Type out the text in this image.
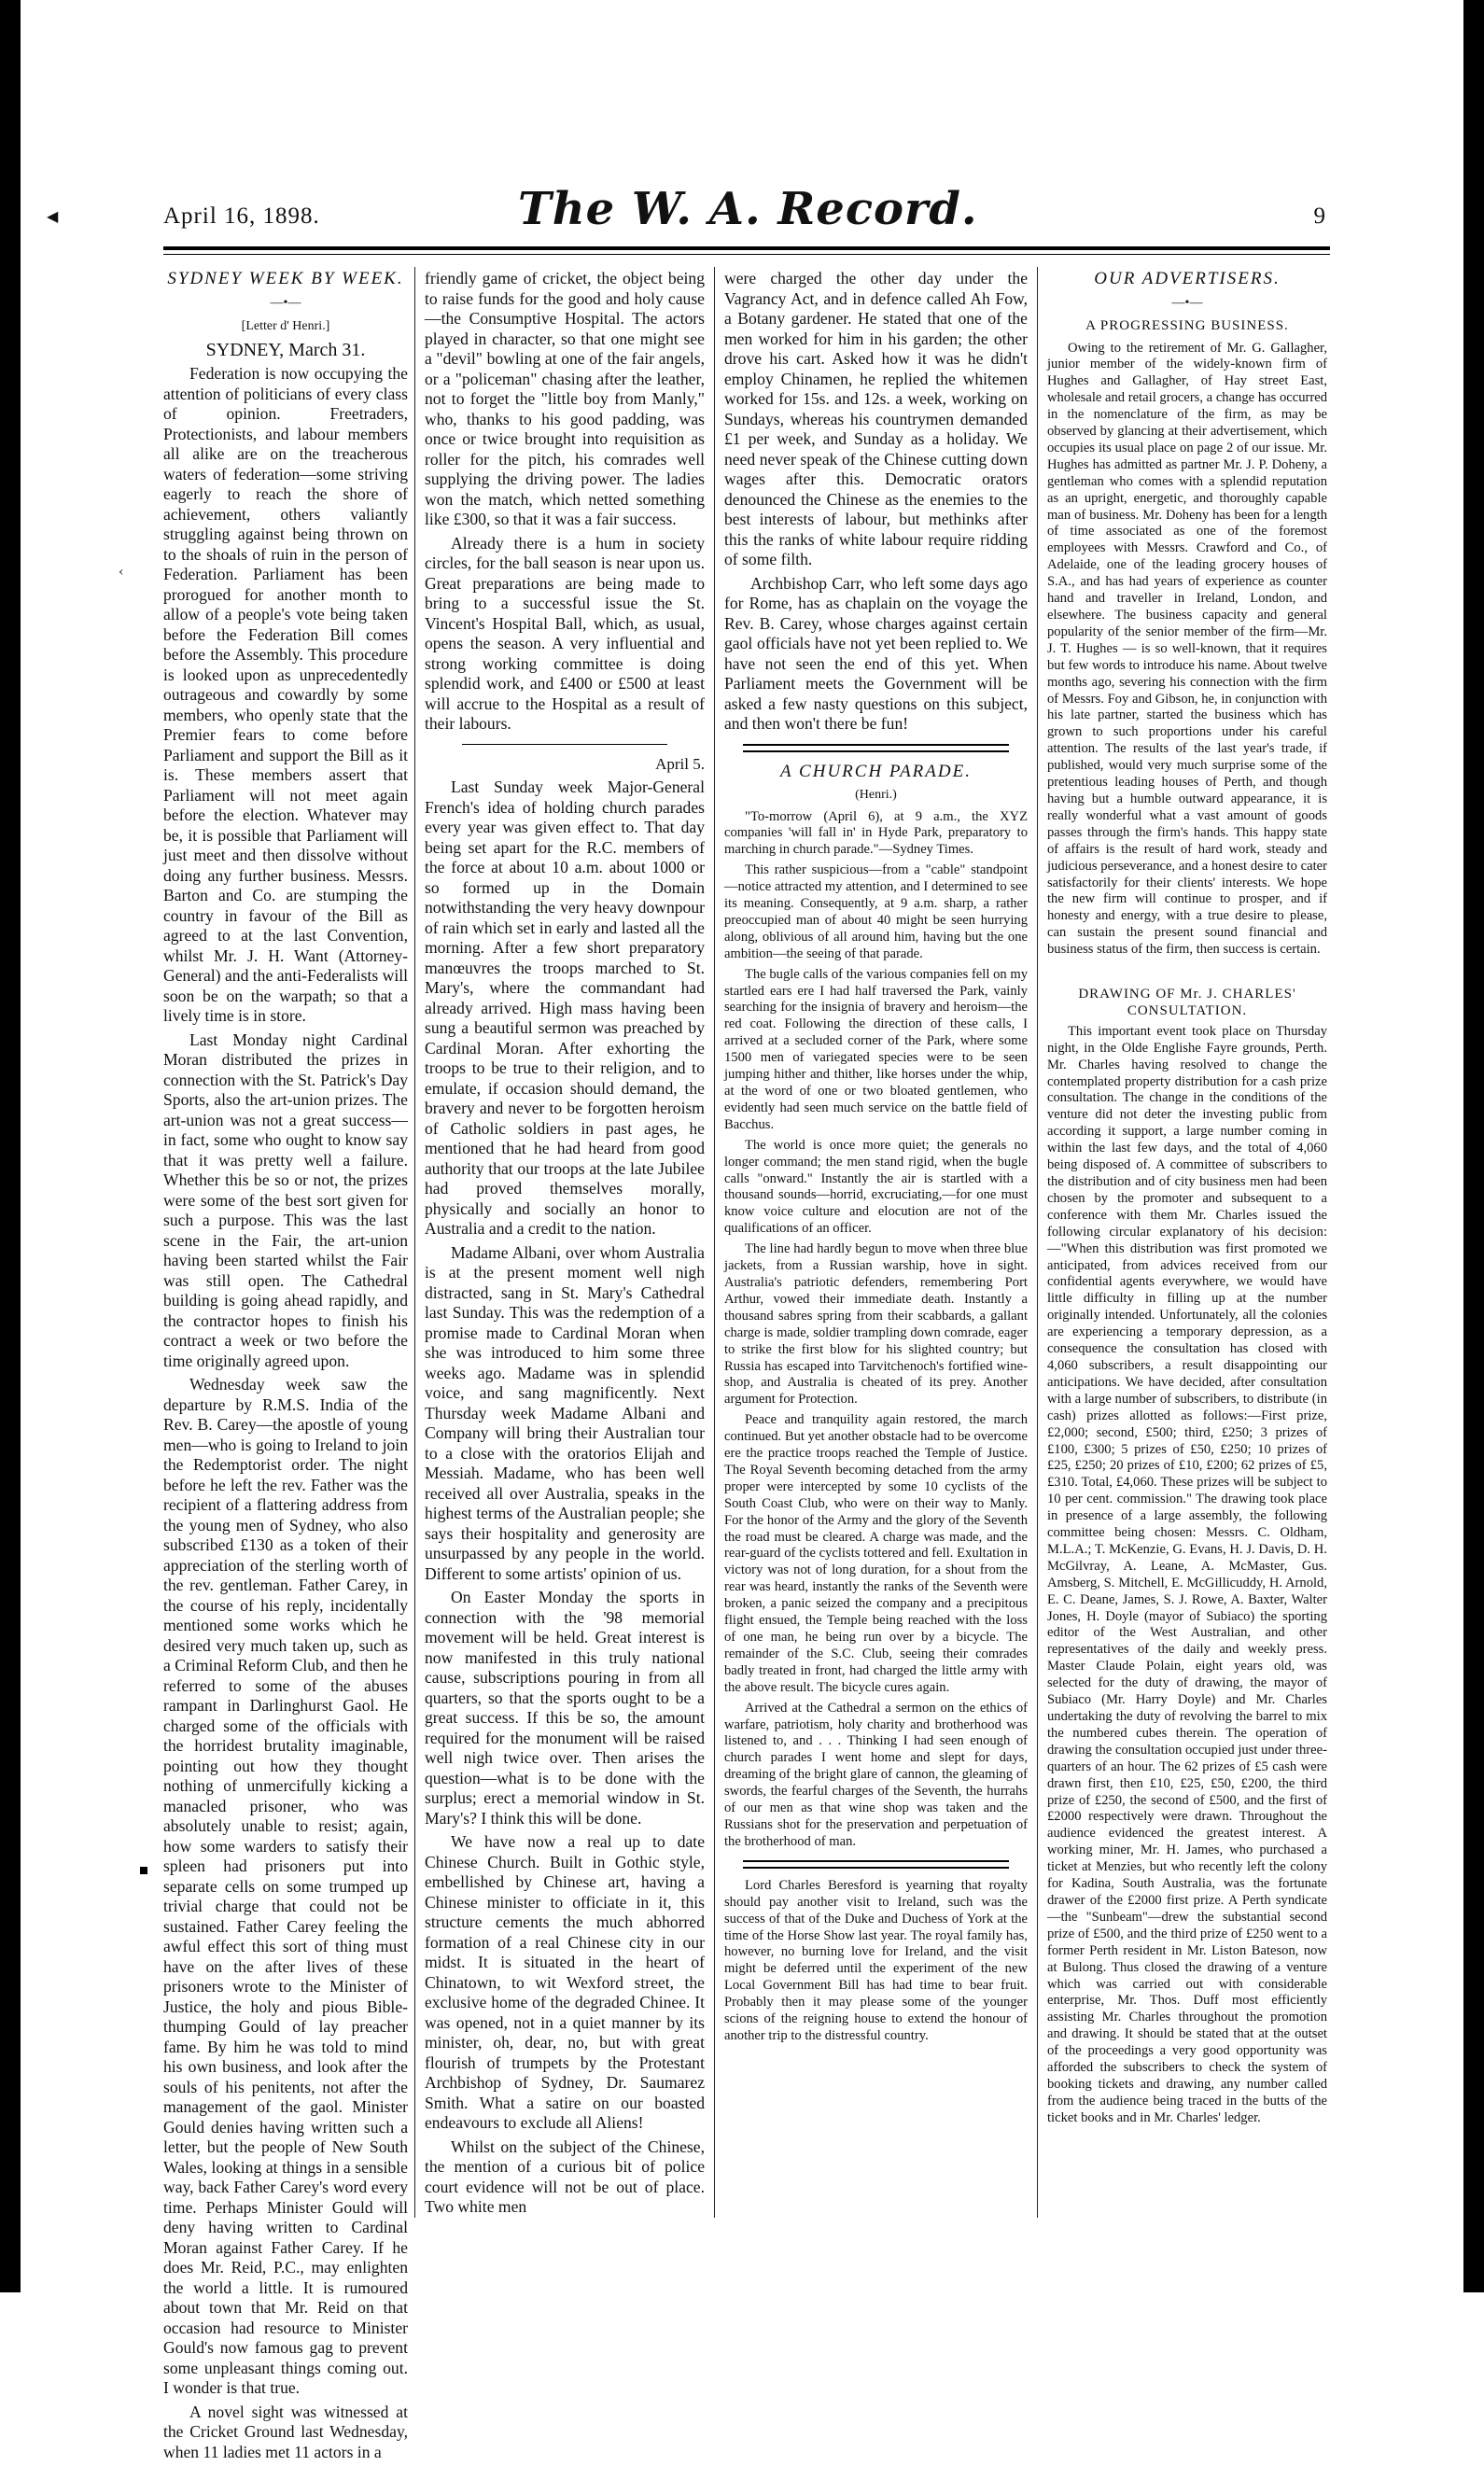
April 16, 1898.	The W. A. Record.	9
◀

SYDNEY WEEK BY WEEK.

—•—

[Letter d' Henri.]

SYDNEY, March 31.

Federation is now occupying the attention of politicians of every class of opinion. Freetraders, Protectionists, and labour members all alike are on the treacherous waters of federation—some striving eagerly to reach the shore of achievement, others valiantly struggling against being thrown on to the shoals of ruin in the person of Federation. Parliament has been prorogued for another month to allow of a people's vote being taken before the Federation Bill comes before the Assembly. This procedure is looked upon as unprecedentedly outrageous and cowardly by some members, who openly state that the Premier fears to come before Parliament and support the Bill as it is. These members assert that Parliament will not meet again before the election. Whatever may be, it is possible that Parliament will just meet and then dissolve without doing any further business. Messrs. Barton and Co. are stumping the country in favour of the Bill as agreed to at the last Convention, whilst Mr. J. H. Want (Attorney-General) and the anti-Federalists will soon be on the warpath; so that a lively time is in store.

Last Monday night Cardinal Moran distributed the prizes in connection with the St. Patrick's Day Sports, also the art-union prizes. The art-union was not a great success—in fact, some who ought to know say that it was pretty well a failure. Whether this be so or not, the prizes were some of the best sort given for such a purpose. This was the last scene in the Fair, the art-union having been started whilst the Fair was still open. The Cathedral building is going ahead rapidly, and the contractor hopes to finish his contract a week or two before the time originally agreed upon.

Wednesday week saw the departure by R.M.S. India of the Rev. B. Carey—the apostle of young men—who is going to Ireland to join the Redemptorist order. The night before he left the rev. Father was the recipient of a flattering address from the young men of Sydney, who also subscribed £130 as a token of their appreciation of the sterling worth of the rev. gentleman. Father Carey, in the course of his reply, incidentally mentioned some works which he desired very much taken up, such as a Criminal Reform Club, and then he referred to some of the abuses rampant in Darlinghurst Gaol. He charged some of the officials with the horridest brutality imaginable, pointing out how they thought nothing of unmercifully kicking a manacled prisoner, who was absolutely unable to resist; again, how some warders to satisfy their spleen had prisoners put into separate cells on some trumped up trivial charge that could not be sustained. Father Carey feeling the awful effect this sort of thing must have on the after lives of these prisoners wrote to the Minister of Justice, the holy and pious Bible-thumping Gould of lay preacher fame. By him he was told to mind his own business, and look after the souls of his penitents, not after the management of the gaol. Minister Gould denies having written such a letter, but the people of New South Wales, looking at things in a sensible way, back Father Carey's word every time. Perhaps Minister Gould will deny having written to Cardinal Moran against Father Carey. If he does Mr. Reid, P.C., may enlighten the world a little. It is rumoured about town that Mr. Reid on that occasion had resource to Minister Gould's now famous gag to prevent some unpleasant things coming out. I wonder is that true.

A novel sight was witnessed at the Cricket Ground last Wednesday, when 11 ladies met 11 actors in a

friendly game of cricket, the object being to raise funds for the good and holy cause—the Consumptive Hospital. The actors played in character, so that one might see a "devil" bowling at one of the fair angels, or a "policeman" chasing after the leather, not to forget the "little boy from Manly," who, thanks to his good padding, was once or twice brought into requisition as roller for the pitch, his comrades well supplying the driving power. The ladies won the match, which netted something like £300, so that it was a fair success.

Already there is a hum in society circles, for the ball season is near upon us. Great preparations are being made to bring to a successful issue the St. Vincent's Hospital Ball, which, as usual, opens the season. A very influential and strong working committee is doing splendid work, and £400 or £500 at least will accrue to the Hospital as a result of their labours.

April 5.

Last Sunday week Major-General French's idea of holding church parades every year was given effect to. That day being set apart for the R.C. members of the force at about 10 a.m. about 1000 or so formed up in the Domain notwithstanding the very heavy downpour of rain which set in early and lasted all the morning. After a few short preparatory manœuvres the troops marched to St. Mary's, where the commandant had already arrived. High mass having been sung a beautiful sermon was preached by Cardinal Moran. After exhorting the troops to be true to their religion, and to emulate, if occasion should demand, the bravery and never to be forgotten heroism of Catholic soldiers in past ages, he mentioned that he had heard from good authority that our troops at the late Jubilee had proved themselves morally, physically and socially an honor to Australia and a credit to the nation.

Madame Albani, over whom Australia is at the present moment well nigh distracted, sang in St. Mary's Cathedral last Sunday. This was the redemption of a promise made to Cardinal Moran when she was introduced to him some three weeks ago. Madame was in splendid voice, and sang magnificently. Next Thursday week Madame Albani and Company will bring their Australian tour to a close with the oratorios Elijah and Messiah. Madame, who has been well received all over Australia, speaks in the highest terms of the Australian people; she says their hospitality and generosity are unsurpassed by any people in the world. Different to some artists' opinion of us.

On Easter Monday the sports in connection with the '98 memorial movement will be held. Great interest is now manifested in this truly national cause, subscriptions pouring in from all quarters, so that the sports ought to be a great success. If this be so, the amount required for the monument will be raised well nigh twice over. Then arises the question—what is to be done with the surplus; erect a memorial window in St. Mary's? I think this will be done.

We have now a real up to date Chinese Church. Built in Gothic style, embellished by Chinese art, having a Chinese minister to officiate in it, this structure cements the much abhorred formation of a real Chinese city in our midst. It is situated in the heart of Chinatown, to wit Wexford street, the exclusive home of the degraded Chinee. It was opened, not in a quiet manner by its minister, oh, dear, no, but with great flourish of trumpets by the Protestant Archbishop of Sydney, Dr. Saumarez Smith. What a satire on our boasted endeavours to exclude all Aliens!

Whilst on the subject of the Chinese, the mention of a curious bit of police court evidence will not be out of place. Two white men

were charged the other day under the Vagrancy Act, and in defence called Ah Fow, a Botany gardener. He stated that one of the men worked for him in his garden; the other drove his cart. Asked how it was he didn't employ Chinamen, he replied the whitemen worked for 15s. and 12s. a week, working on Sundays, whereas his countrymen demanded £1 per week, and Sunday as a holiday. We need never speak of the Chinese cutting down wages after this. Democratic orators denounced the Chinese as the enemies to the best interests of labour, but methinks after this the ranks of white labour require ridding of some filth.

Archbishop Carr, who left some days ago for Rome, has as chaplain on the voyage the Rev. B. Carey, whose charges against certain gaol officials have not yet been replied to. We have not seen the end of this yet. When Parliament meets the Government will be asked a few nasty questions on this subject, and then won't there be fun!

A CHURCH PARADE.

(Henri.)

"To-morrow (April 6), at 9 a.m., the XYZ companies 'will fall in' in Hyde Park, preparatory to marching in church parade."—Sydney Times.

This rather suspicious—from a "cable" standpoint—notice attracted my attention, and I determined to see its meaning. Consequently, at 9 a.m. sharp, a rather preoccupied man of about 40 might be seen hurrying along, oblivious of all around him, having but the one ambition—the seeing of that parade.

The bugle calls of the various companies fell on my startled ears ere I had half traversed the Park, vainly searching for the insignia of bravery and heroism—the red coat. Following the direction of these calls, I arrived at a secluded corner of the Park, where some 1500 men of variegated species were to be seen jumping hither and thither, like horses under the whip, at the word of one or two bloated gentlemen, who evidently had seen much service on the battle field of Bacchus.

The world is once more quiet; the generals no longer command; the men stand rigid, when the bugle calls "onward." Instantly the air is startled with a thousand sounds—horrid, excruciating,—for one must know voice culture and elocution are not of the qualifications of an officer.

The line had hardly begun to move when three blue jackets, from a Russian warship, hove in sight. Australia's patriotic defenders, remembering Port Arthur, vowed their immediate death. Instantly a thousand sabres spring from their scabbards, a gallant charge is made, soldier trampling down comrade, eager to strike the first blow for his slighted country; but Russia has escaped into Tarvitchenoch's fortified wine-shop, and Australia is cheated of its prey. Another argument for Protection.

Peace and tranquility again restored, the march continued. But yet another obstacle had to be overcome ere the practice troops reached the Temple of Justice. The Royal Seventh becoming detached from the army proper were intercepted by some 10 cyclists of the South Coast Club, who were on their way to Manly. For the honor of the Army and the glory of the Seventh the road must be cleared. A charge was made, and the rear-guard of the cyclists tottered and fell. Exultation in victory was not of long duration, for a shout from the rear was heard, instantly the ranks of the Seventh were broken, a panic seized the company and a precipitous flight ensued, the Temple being reached with the loss of one man, he being run over by a bicycle. The remainder of the S.C. Club, seeing their comrades badly treated in front, had charged the little army with the above result. The bicycle cures again.

Arrived at the Cathedral a sermon on the ethics of warfare, patriotism, holy charity and brotherhood was listened to, and . . . Thinking I had seen enough of church parades I went home and slept for days, dreaming of the bright glare of cannon, the gleaming of swords, the fearful charges of the Seventh, the hurrahs of our men as that wine shop was taken and the Russians shot for the preservation and perpetuation of the brotherhood of man.

Lord Charles Beresford is yearning that royalty should pay another visit to Ireland, such was the success of that of the Duke and Duchess of York at the time of the Horse Show last year. The royal family has, however, no burning love for Ireland, and the visit might be deferred until the experiment of the new Local Government Bill has had time to bear fruit. Probably then it may please some of the younger scions of the reigning house to extend the honour of another trip to the distressful country.

OUR ADVERTISERS.

—•—

A PROGRESSING BUSINESS.

Owing to the retirement of Mr. G. Gallagher, junior member of the widely-known firm of Hughes and Gallagher, of Hay street East, wholesale and retail grocers, a change has occurred in the nomenclature of the firm, as may be observed by glancing at their advertisement, which occupies its usual place on page 2 of our issue. Mr. Hughes has admitted as partner Mr. J. P. Doheny, a gentleman who comes with a splendid reputation as an upright, energetic, and thoroughly capable man of business. Mr. Doheny has been for a length of time associated as one of the foremost employees with Messrs. Crawford and Co., of Adelaide, one of the leading grocery houses of S.A., and has had years of experience as counter hand and traveller in Ireland, London, and elsewhere. The business capacity and general popularity of the senior member of the firm—Mr. J. T. Hughes — is so well-known, that it requires but few words to introduce his name. About twelve months ago, severing his connection with the firm of Messrs. Foy and Gibson, he, in conjunction with his late partner, started the business which has grown to such proportions under his careful attention. The results of the last year's trade, if published, would very much surprise some of the pretentious leading houses of Perth, and though having but a humble outward appearance, it is really wonderful what a vast amount of goods passes through the firm's hands. This happy state of affairs is the result of hard work, steady and judicious perseverance, and a honest desire to cater satisfactorily for their clients' interests. We hope the new firm will continue to prosper, and if honesty and energy, with a true desire to please, can sustain the present sound financial and business status of the firm, then success is certain.

DRAWING OF Mr. J. CHARLES' CONSULTATION.

This important event took place on Thursday night, in the Olde Englishe Fayre grounds, Perth. Mr. Charles having resolved to change the contemplated property distribution for a cash prize consultation. The change in the conditions of the venture did not deter the investing public from according it support, a large number coming in within the last few days, and the total of 4,060 being disposed of. A committee of subscribers to the distribution and of city business men had been chosen by the promoter and subsequent to a conference with them Mr. Charles issued the following circular explanatory of his decision:—"When this distribution was first promoted we anticipated, from advices received from our confidential agents everywhere, we would have little difficulty in filling up at the number originally intended. Unfortunately, all the colonies are experiencing a temporary depression, as a consequence the consultation has closed with 4,060 subscribers, a result disappointing our anticipations. We have decided, after consultation with a large number of subscribers, to distribute (in cash) prizes allotted as follows:—First prize, £2,000; second, £500; third, £250; 3 prizes of £100, £300; 5 prizes of £50, £250; 10 prizes of £25, £250; 20 prizes of £10, £200; 62 prizes of £5, £310. Total, £4,060. These prizes will be subject to 10 per cent. commission." The drawing took place in presence of a large assembly, the following committee being chosen: Messrs. C. Oldham, M.L.A.; T. McKenzie, G. Evans, H. J. Davis, D. H. McGilvray, A. Leane, A. McMaster, Gus. Amsberg, S. Mitchell, E. McGillicuddy, H. Arnold, E. C. Deane, James, S. J. Rowe, A. Baxter, Walter Jones, H. Doyle (mayor of Subiaco) the sporting editor of the West Australian, and other representatives of the daily and weekly press. Master Claude Polain, eight years old, was selected for the duty of drawing, the mayor of Subiaco (Mr. Harry Doyle) and Mr. Charles undertaking the duty of revolving the barrel to mix the numbered cubes therein. The operation of drawing the consultation occupied just under three-quarters of an hour. The 62 prizes of £5 cash were drawn first, then £10, £25, £50, £200, the third prize of £250, the second of £500, and the first of £2000 respectively were drawn. Throughout the audience evidenced the greatest interest. A working miner, Mr. H. James, who purchased a ticket at Menzies, but who recently left the colony for Kadina, South Australia, was the fortunate drawer of the £2000 first prize. A Perth syndicate—the "Sunbeam"—drew the substantial second prize of £500, and the third prize of £250 went to a former Perth resident in Mr. Liston Bateson, now at Bulong. Thus closed the drawing of a venture which was carried out with considerable enterprise, Mr. Thos. Duff most efficiently assisting Mr. Charles throughout the promotion and drawing. It should be stated that at the outset of the proceedings a very good opportunity was afforded the subscribers to check the system of booking tickets and drawing, any number called from the audience being traced in the butts of the ticket books and in Mr. Charles' ledger.

‹
